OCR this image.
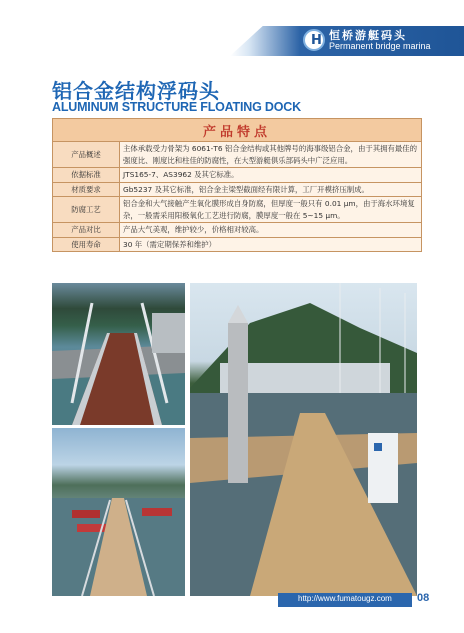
H 恒桥游艇码头
Permanent bridge marina
铝合金结构浮码头
ALUMINUM STRUCTURE FLOATING DOCK
产品特点	
产品概述	主体承载受力骨架为 6061-T6 铝合金结构或其他牌号的海事级铝合金，由于其拥有最佳的强度比、刚度比和柱佳的防腐性，在大型游艇俱乐部码头中广泛应用。
依据标准	JTS165-7、AS3962 及其它标准。
材质要求	Gb5237 及其它标准，铝合金主梁型截面经有限计算，工厂开模挤压制成。
防腐工艺	铝合金和大气接触产生氧化膜形成自身防腐，但厚度一般只有 0.01 μm，由于海水环境复杂，一般需采用阳极氧化工艺进行防腐，膜厚度一般在 5~15 μm。
产品对比	产品大气美观，维护较少，价格相对较高。
使用寿命	30 年（需定期保养和维护）
http://www.fumatougz.com 08
